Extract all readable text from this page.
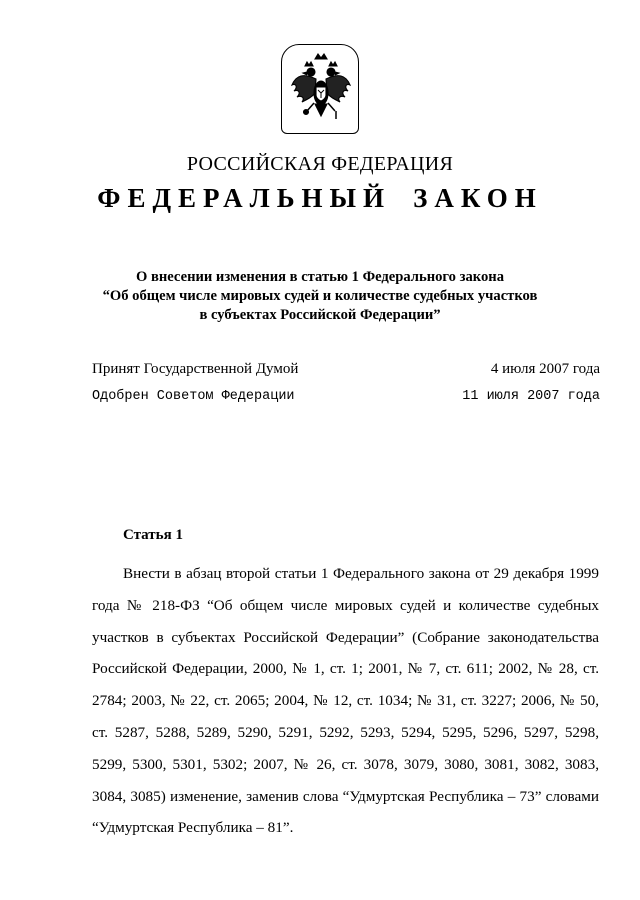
РОССИЙСКАЯ ФЕДЕРАЦИЯ
ФЕДЕРАЛЬНЫЙ ЗАКОН
О внесении изменения в статью 1 Федерального закона
“Об общем числе мировых судей и количестве судебных участков
в субъектах Российской Федерации”
Принят Государственной Думой	4 июля 2007 года
Одобрен Советом Федерации	11 июля 2007 года
Статья 1

Внести в абзац второй статьи 1 Федерального закона от 29 декабря 1999 года № 218-ФЗ “Об общем числе мировых судей и количестве судебных участков в субъектах Российской Федерации” (Собрание законодательства Российской Федерации, 2000, № 1, ст. 1; 2001, № 7, ст. 611; 2002, № 28, ст. 2784; 2003, № 22, ст. 2065; 2004, № 12, ст. 1034; № 31, ст. 3227; 2006, № 50, ст. 5287, 5288, 5289, 5290, 5291, 5292, 5293, 5294, 5295, 5296, 5297, 5298, 5299, 5300, 5301, 5302; 2007, № 26, ст. 3078, 3079, 3080, 3081, 3082, 3083, 3084, 3085) изменение, заменив слова “Удмуртская Республика – 73” словами “Удмуртская Республика – 81”.
